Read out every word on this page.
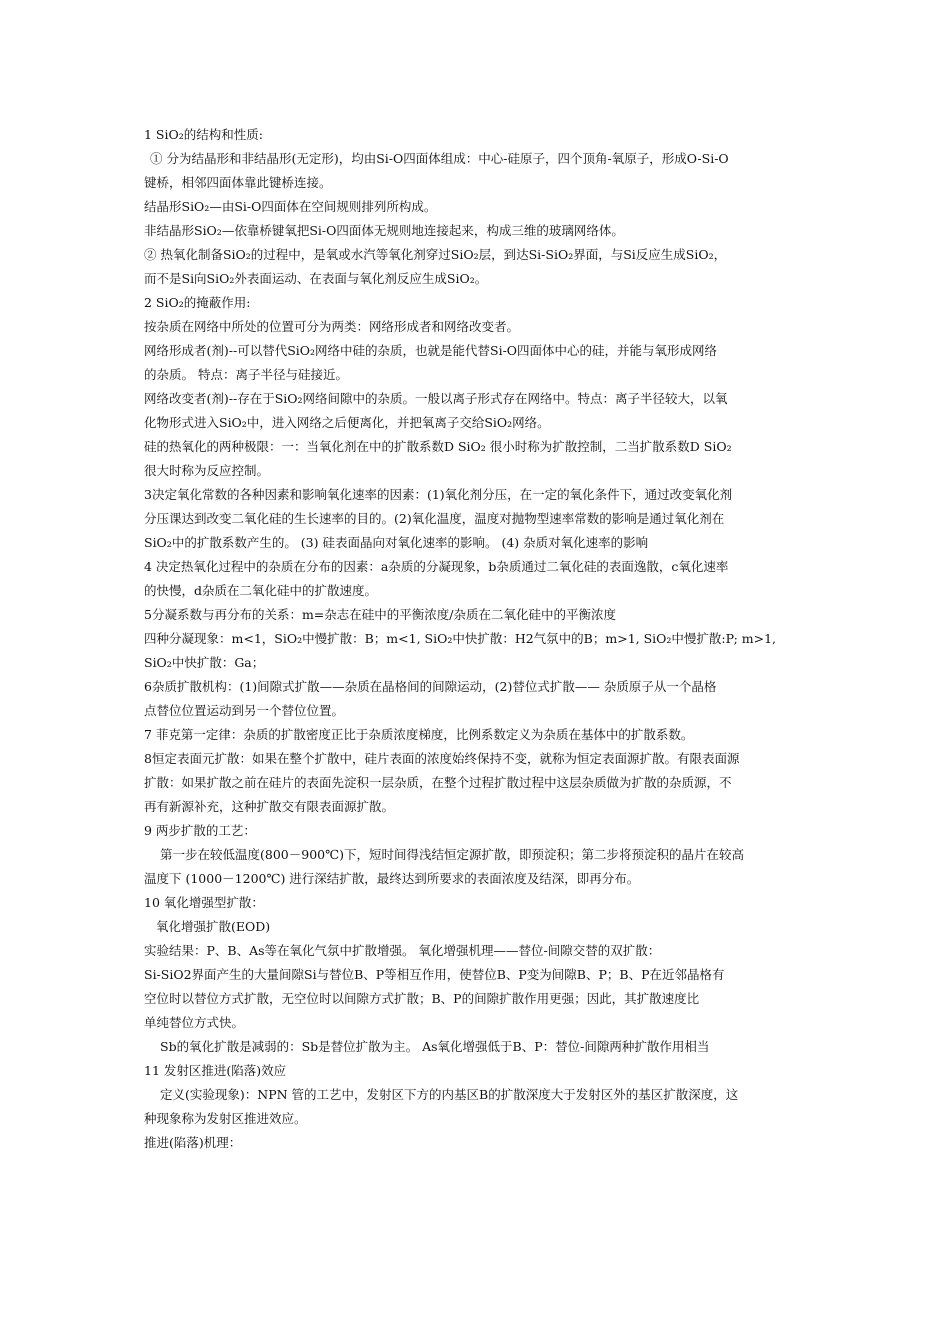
1 SiO₂的结构和性质:
① 分为结晶形和非结晶形(无定形)，均由Si-O四面体组成：中心-硅原子，四个顶角-氧原子，形成O-Si-O
键桥，相邻四面体靠此键桥连接。
结晶形SiO₂—由Si-O四面体在空间规则排列所构成。
非结晶形SiO₂—依靠桥键氧把Si-O四面体无规则地连接起来，构成三维的玻璃网络体。
② 热氧化制备SiO₂的过程中，是氧或水汽等氧化剂穿过SiO₂层，到达Si-SiO₂界面，与Si反应生成SiO₂，
而不是Si向SiO₂外表面运动、在表面与氧化剂反应生成SiO₂。
2 SiO₂的掩蔽作用:
按杂质在网络中所处的位置可分为两类：网络形成者和网络改变者。
网络形成者(剂)--可以替代SiO₂网络中硅的杂质，也就是能代替Si-O四面体中心的硅，并能与氧形成网络
的杂质。 特点：离子半径与硅接近。
网络改变者(剂)--存在于SiO₂网络间隙中的杂质。一般以离子形式存在网络中。特点：离子半径较大，以氧
化物形式进入SiO₂中，进入网络之后便离化，并把氧离子交给SiO₂网络。
硅的热氧化的两种极限：一：当氧化剂在中的扩散系数D SiO₂ 很小时称为扩散控制，二当扩散系数D SiO₂
很大时称为反应控制。
3决定氧化常数的各种因素和影响氧化速率的因素：(1)氧化剂分压，在一定的氧化条件下，通过改变氧化剂
分压课达到改变二氧化硅的生长速率的目的。(2)氧化温度，温度对抛物型速率常数的影响是通过氧化剂在
SiO₂中的扩散系数产生的。 (3) 硅表面晶向对氧化速率的影响。 (4) 杂质对氧化速率的影响
4 决定热氧化过程中的杂质在分布的因素：a杂质的分凝现象，b杂质通过二氧化硅的表面逸散，c氧化速率
的快慢，d杂质在二氧化硅中的扩散速度。
5分凝系数与再分布的关系：m=杂志在硅中的平衡浓度/杂质在二氧化硅中的平衡浓度
四种分凝现象：m<1，SiO₂中慢扩散：B；m<1, SiO₂中快扩散：H2气氛中的B；m>1, SiO₂中慢扩散:P; m>1,
SiO₂中快扩散：Ga；
6杂质扩散机构：(1)间隙式扩散——杂质在晶格间的间隙运动，(2)替位式扩散—— 杂质原子从一个晶格
点替位位置运动到另一个替位位置。
7 菲克第一定律：杂质的扩散密度正比于杂质浓度梯度，比例系数定义为杂质在基体中的扩散系数。
8恒定表面元扩散：如果在整个扩散中，硅片表面的浓度始终保持不变，就称为恒定表面源扩散。有限表面源
扩散：如果扩散之前在硅片的表面先淀积一层杂质，在整个过程扩散过程中这层杂质做为扩散的杂质源，不
再有新源补充，这种扩散交有限表面源扩散。
9 两步扩散的工艺：
第一步在较低温度(800－900℃)下，短时间得浅结恒定源扩散，即预淀积；第二步将预淀积的晶片在较高
温度下 (1000－1200℃) 进行深结扩散，最终达到所要求的表面浓度及结深，即再分布。
10 氧化增强型扩散：
氧化增强扩散(EOD)
实验结果：P、B、As等在氧化气氛中扩散增强。 氧化增强机理——替位-间隙交替的双扩散：
Si-SiO2界面产生的大量间隙Si与替位B、P等相互作用，使替位B、P变为间隙B、P；B、P在近邻晶格有
空位时以替位方式扩散，无空位时以间隙方式扩散；B、P的间隙扩散作用更强；因此，其扩散速度比
单纯替位方式快。
Sb的氧化扩散是减弱的：Sb是替位扩散为主。 As氧化增强低于B、P：替位-间隙两种扩散作用相当
11 发射区推进(陷落)效应
定义(实验现象)：NPN 管的工艺中，发射区下方的内基区B的扩散深度大于发射区外的基区扩散深度，这
种现象称为发射区推进效应。
推进(陷落)机理：
